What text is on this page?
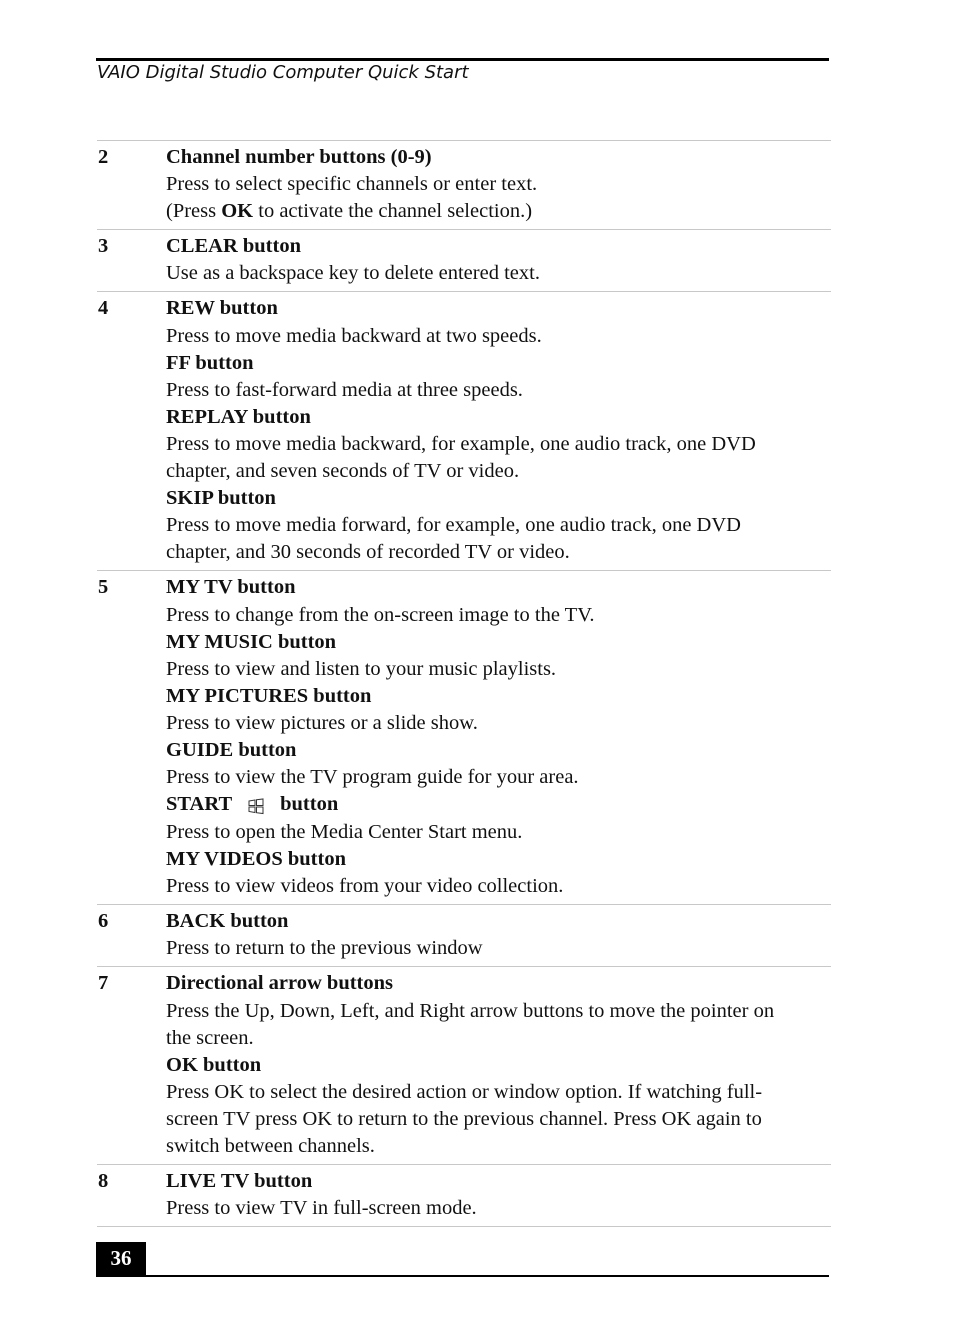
VAIO Digital Studio Computer Quick Start
2	Channel number buttons (0-9)
Press to select specific channels or enter text.
(Press OK to activate the channel selection.)
3	CLEAR button
Use as a backspace key to delete entered text.
4	REW button
Press to move media backward at two speeds.
FF button
Press to fast-forward media at three speeds.
REPLAY button
Press to move media backward, for example, one audio track, one DVD
chapter, and seven seconds of TV or video.
SKIP button
Press to move media forward, for example, one audio track, one DVD
chapter, and 30 seconds of recorded TV or video.
5	MY TV button
Press to change from the on-screen image to the TV.
MY MUSIC button
Press to view and listen to your music playlists.
MY PICTURES button
Press to view pictures or a slide show.
GUIDE button
Press to view the TV program guide for your area.
START button
Press to open the Media Center Start menu.
MY VIDEOS button
Press to view videos from your video collection.
6	BACK button
Press to return to the previous window
7	Directional arrow buttons
Press the Up, Down, Left, and Right arrow buttons to move the pointer on
the screen.
OK button
Press OK to select the desired action or window option. If watching full-
screen TV press OK to return to the previous channel. Press OK again to
switch between channels.
8	LIVE TV button
Press to view TV in full-screen mode.
36
